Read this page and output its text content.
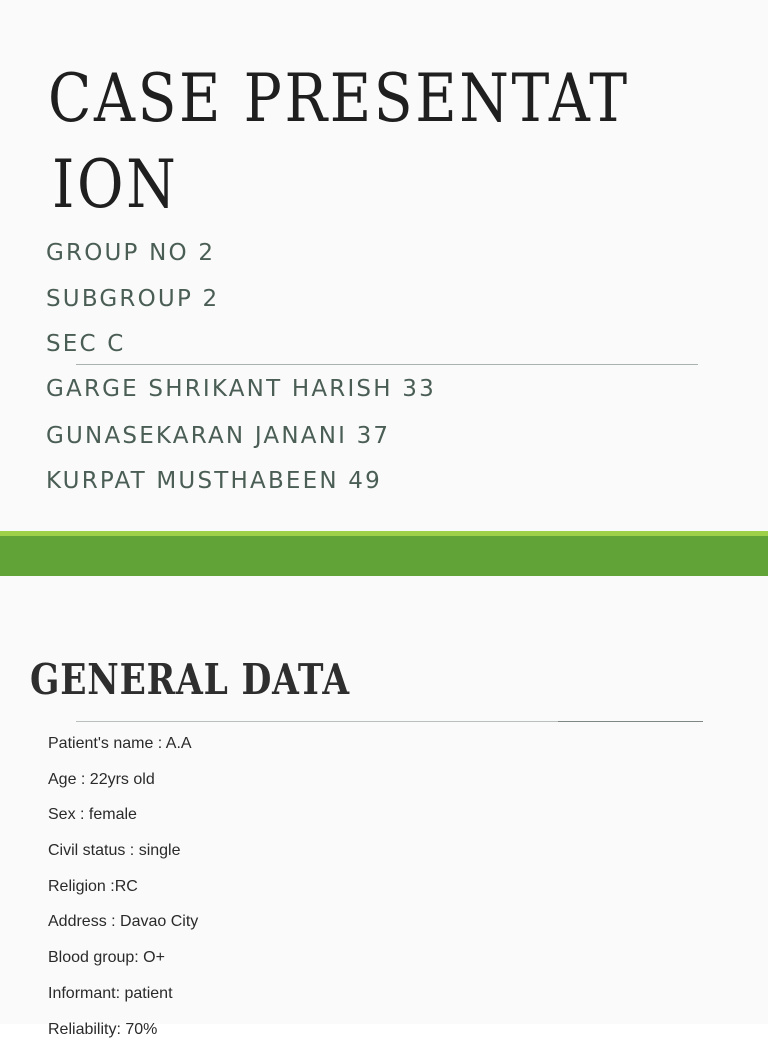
CASE PRESENTAT
ION

GROUP NO 2

SUBGROUP 2

SEC C

GARGE SHRIKANT HARISH 33

GUNASEKARAN JANANI 37

KURPAT MUSTHABEEN 49

GENERAL DATA
Patient's name : A.A
Age : 22yrs old
Sex : female
Civil status : single
Religion :RC
Address : Davao City
Blood group: O+
Informant: patient
Reliability: 70%
